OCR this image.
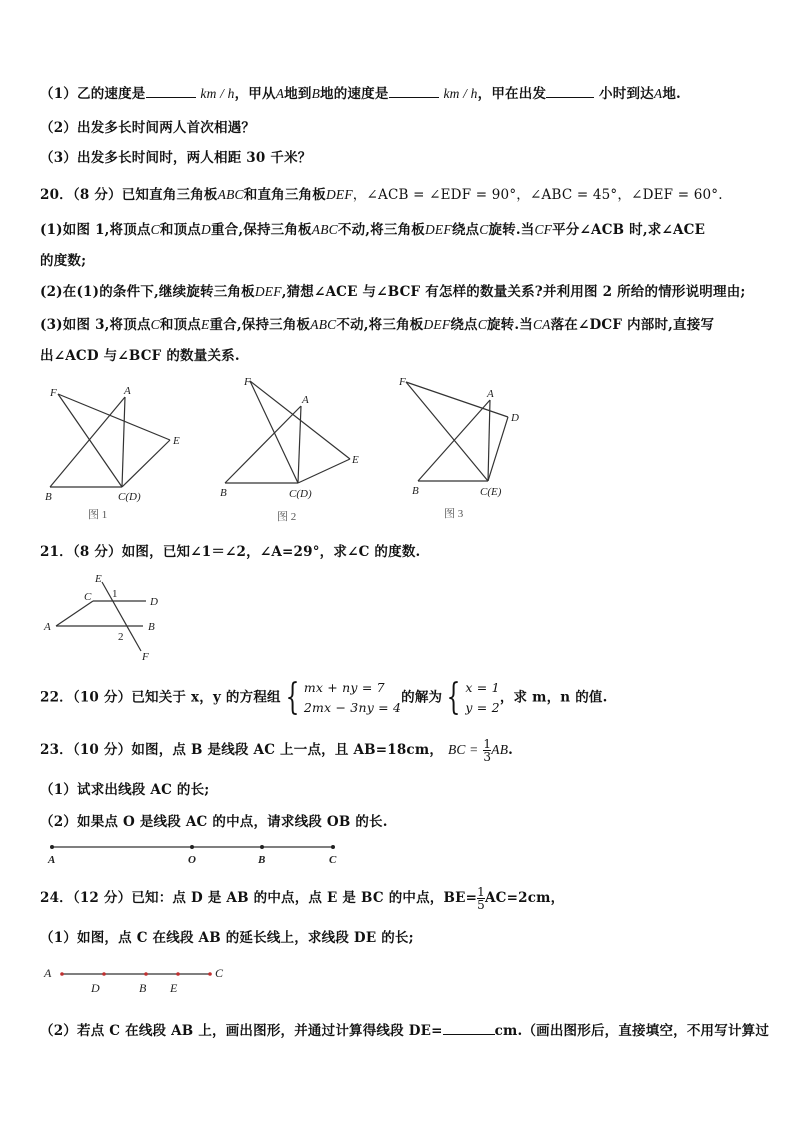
（1）乙的速度是	km / h，甲从A地到B地的速度是	km / h，甲在出发	小时到达A地.
（2）出发多长时间两人首次相遇？
（3）出发多长时间时，两人相距 30 千米？
20．（8 分）已知直角三角板ABC和直角三角板DEF，∠ACB = ∠EDF = 90°，∠ABC = 45°，∠DEF = 60°.
(1)如图 1,将顶点C和顶点D重合,保持三角板ABC不动,将三角板DEF绕点C旋转.当CF平分∠ACB 时,求∠ACE
的度数;
(2)在(1)的条件下,继续旋转三角板DEF,猜想∠ACE 与∠BCF 有怎样的数量关系?并利用图 2 所给的情形说明理由;
(3)如图 3,将顶点C和顶点E重合,保持三角板ABC不动,将三角板DEF绕点C旋转.当CA落在∠DCF 内部时,直接写
出∠ACD 与∠BCF 的数量关系.
F	A
E
B	C(D)
图 1
F
A
E
B	C(D)
图 2
F
A
D
B	C(E)
图 3
21．（8 分）如图，已知∠1＝∠2，∠A=29°，求∠C 的度数.
E
C 1
D
A
2
B
F
22．（10 分）已知关于 x，y 的方程组 { mx + ny = 7
2mx − 3ny = 4
的解为 { x = 1
y = 2
，求 m，n 的值.
23．（10 分）如图，点 B 是线段 AC 上一点，且 AB=18cm， BC = $\frac{1}{3}$ AB.
（1）试求出线段 AC 的长;
（2）如果点 O 是线段 AC 的中点，请求线段 OB 的长.
A	O	B	C
24．（12 分）已知：点 D 是 AB 的中点，点 E 是 BC 的中点，$BE= \frac{1}{5} AC=2cm$，
（1）如图，点 C 在线段 AB 的延长线上，求线段 DE 的长;
A
D	B E
C
（2）若点 C 在线段 AB 上，画出图形，并通过计算得线段 DE=	cm.（画出图形后，直接填空，不用写计算过
